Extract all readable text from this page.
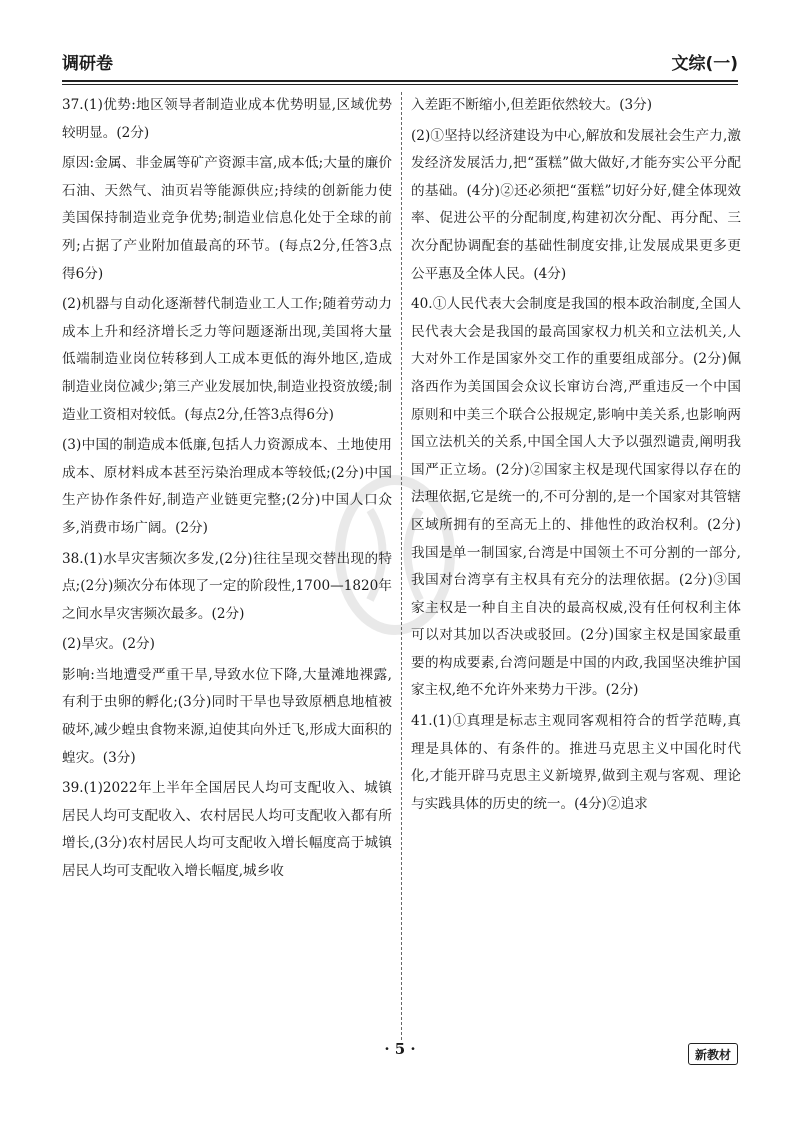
调研卷	文综(一)

37.(1)优势:地区领导者制造业成本优势明显,区域优势较明显。(2分)

原因:金属、非金属等矿产资源丰富,成本低;大量的廉价石油、天然气、油页岩等能源供应;持续的创新能力使美国保持制造业竞争优势;制造业信息化处于全球的前列;占据了产业附加值最高的环节。(每点2分,任答3点得6分)

(2)机器与自动化逐渐替代制造业工人工作;随着劳动力成本上升和经济增长乏力等问题逐渐出现,美国将大量低端制造业岗位转移到人工成本更低的海外地区,造成制造业岗位减少;第三产业发展加快,制造业投资放缓;制造业工资相对较低。(每点2分,任答3点得6分)

(3)中国的制造成本低廉,包括人力资源成本、土地使用成本、原材料成本甚至污染治理成本等较低;(2分)中国生产协作条件好,制造产业链更完整;(2分)中国人口众多,消费市场广阔。(2分)

38.(1)水旱灾害频次多发,(2分)往往呈现交替出现的特点;(2分)频次分布体现了一定的阶段性,1700—1820年之间水旱灾害频次最多。(2分)

(2)旱灾。(2分)

影响:当地遭受严重干旱,导致水位下降,大量滩地裸露,有利于虫卵的孵化;(3分)同时干旱也导致原栖息地植被破坏,减少蝗虫食物来源,迫使其向外迁飞,形成大面积的蝗灾。(3分)

39.(1)2022年上半年全国居民人均可支配收入、城镇居民人均可支配收入、农村居民人均可支配收入都有所增长,(3分)农村居民人均可支配收入增长幅度高于城镇居民人均可支配收入增长幅度,城乡收

入差距不断缩小,但差距依然较大。(3分)

(2)①坚持以经济建设为中心,解放和发展社会生产力,激发经济发展活力,把“蛋糕”做大做好,才能夯实公平分配的基础。(4分)②还必须把“蛋糕”切好分好,健全体现效率、促进公平的分配制度,构建初次分配、再分配、三次分配协调配套的基础性制度安排,让发展成果更多更公平惠及全体人民。(4分)

40.①人民代表大会制度是我国的根本政治制度,全国人民代表大会是我国的最高国家权力机关和立法机关,人大对外工作是国家外交工作的重要组成部分。(2分)佩洛西作为美国国会众议长窜访台湾,严重违反一个中国原则和中美三个联合公报规定,影响中美关系,也影响两国立法机关的关系,中国全国人大予以强烈谴责,阐明我国严正立场。(2分)②国家主权是现代国家得以存在的法理依据,它是统一的,不可分割的,是一个国家对其管辖区域所拥有的至高无上的、排他性的政治权利。(2分)我国是单一制国家,台湾是中国领土不可分割的一部分,我国对台湾享有主权具有充分的法理依据。(2分)③国家主权是一种自主自决的最高权威,没有任何权利主体可以对其加以否决或驳回。(2分)国家主权是国家最重要的构成要素,台湾问题是中国的内政,我国坚决维护国家主权,绝不允许外来势力干涉。(2分)

41.(1)①真理是标志主观同客观相符合的哲学范畴,真理是具体的、有条件的。推进马克思主义中国化时代化,才能开辟马克思主义新境界,做到主观与客观、理论与实践具体的历史的统一。(4分)②追求

· 5 ·	新教材
